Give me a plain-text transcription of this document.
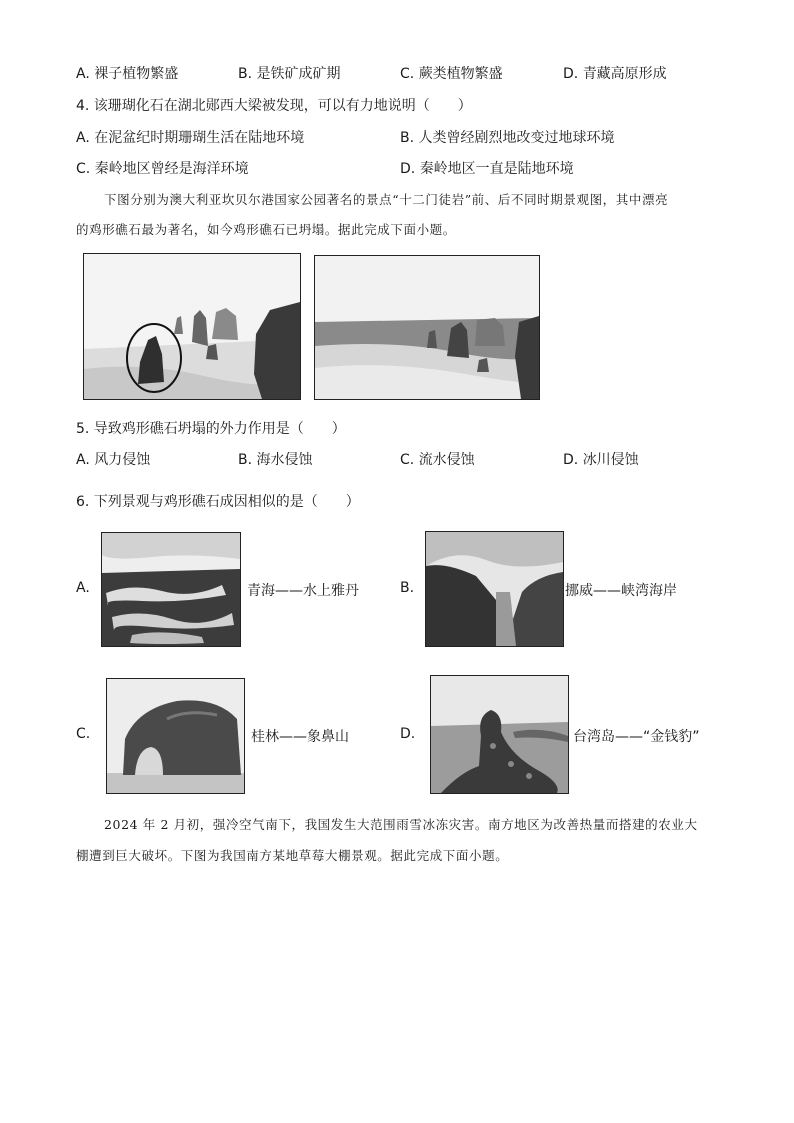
A. 裸子植物繁盛	B. 是铁矿成矿期	C. 蕨类植物繁盛	D. 青藏高原形成
4. 该珊瑚化石在湖北郧西大梁被发现，可以有力地说明（　　）
A. 在泥盆纪时期珊瑚生活在陆地环境	B. 人类曾经剧烈地改变过地球环境
C. 秦岭地区曾经是海洋环境	D. 秦岭地区一直是陆地环境
下图分别为澳大利亚坎贝尔港国家公园著名的景点“十二门徒岩”前、后不同时期景观图，其中漂亮
的鸡形礁石最为著名，如今鸡形礁石已坍塌。据此完成下面小题。
5. 导致鸡形礁石坍塌的外力作用是（　　）
A. 风力侵蚀	B. 海水侵蚀	C. 流水侵蚀	D. 冰川侵蚀
6. 下列景观与鸡形礁石成因相似的是（　　）
A.	青海——水上雅丹	B.	挪威——峡湾海岸
C.	桂林——象鼻山	D.	台湾岛——“金钱豹”
2024 年 2 月初，强冷空气南下，我国发生大范围雨雪冰冻灾害。南方地区为改善热量而搭建的农业大
棚遭到巨大破坏。下图为我国南方某地草莓大棚景观。据此完成下面小题。
